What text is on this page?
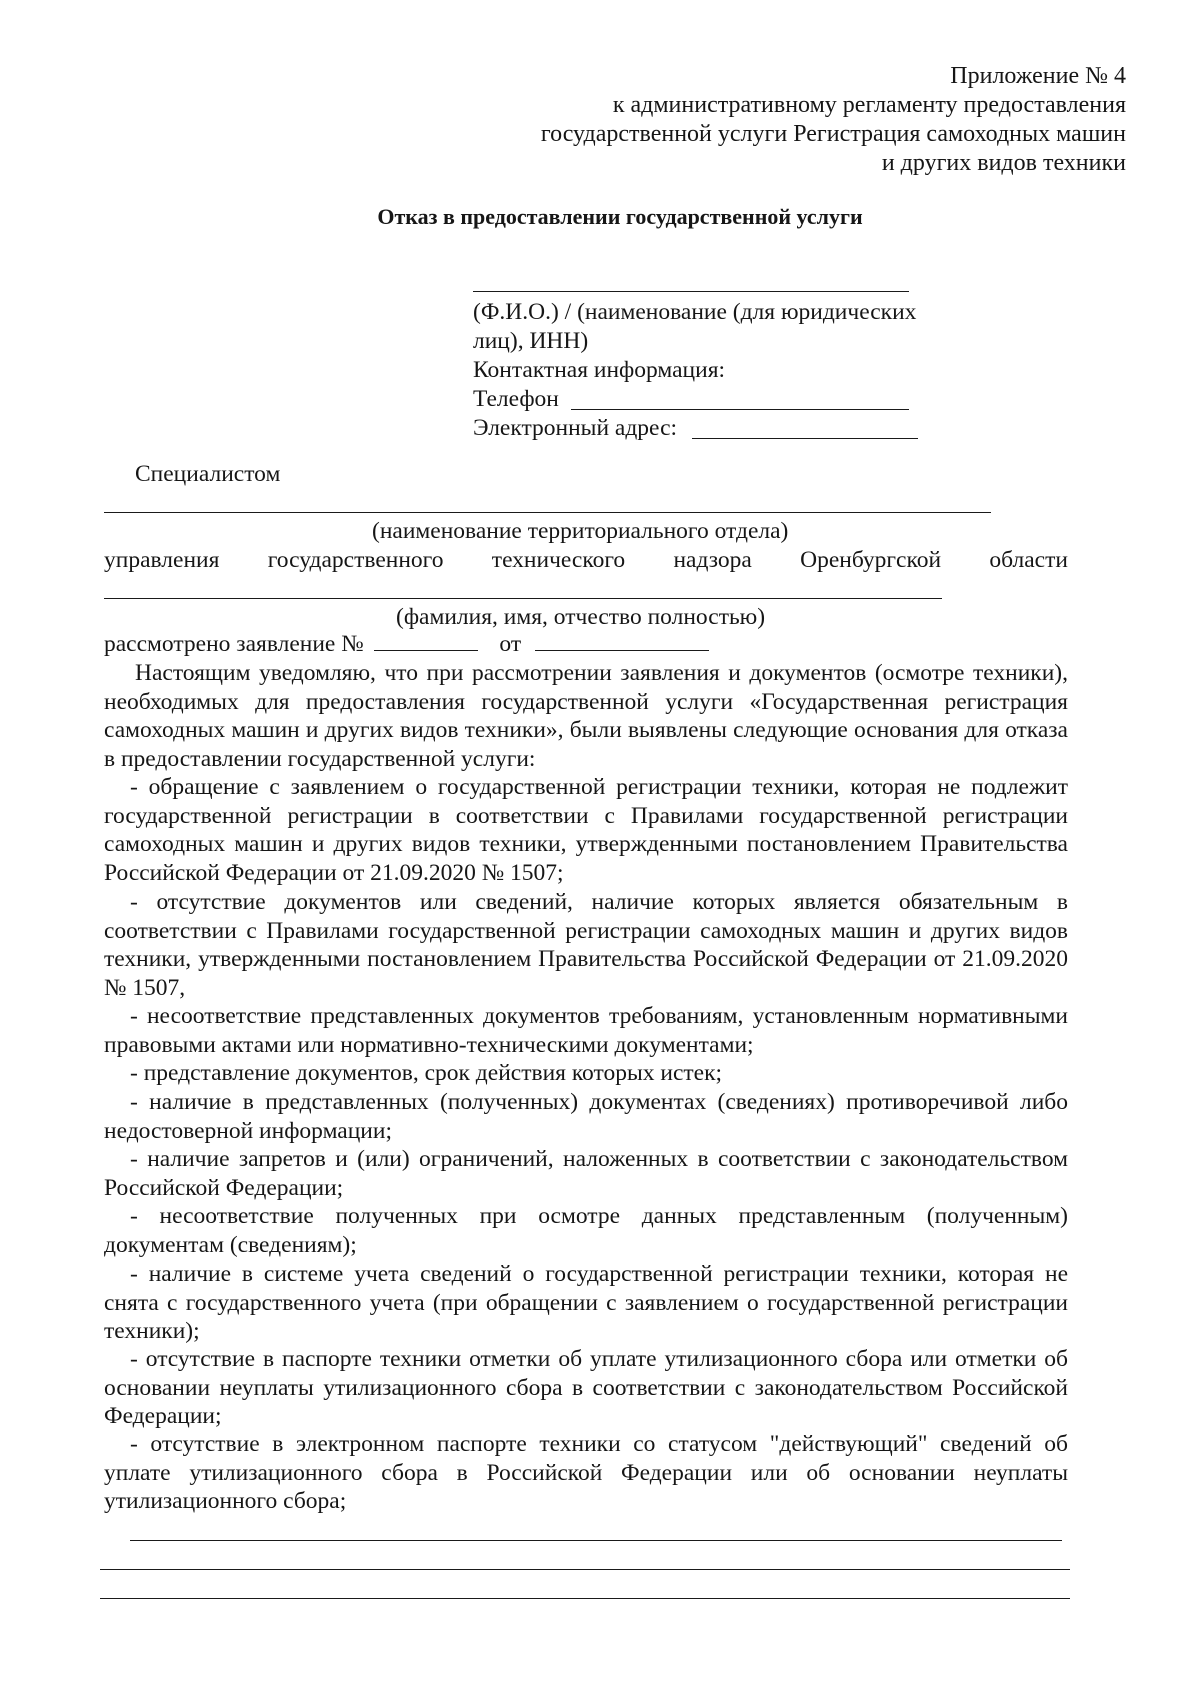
Приложение № 4
к административному регламенту предоставления
государственной услуги Регистрация самоходных машин
и других видов техники
Отказ в предоставлении государственной услуги
(Ф.И.О.) / (наименование (для юридических
лиц), ИНН)
Контактная информация:
Телефон
Электронный адрес:
Специалистом
(наименование территориального отдела)
управления государственного технического надзора Оренбургской области
(фамилия, имя, отчество полностью)
рассмотрено заявление №	от
Настоящим уведомляю, что при рассмотрении заявления и документов (осмотре техники), необходимых для предоставления государственной услуги «Государственная регистрация самоходных машин и других видов техники», были выявлены следующие основания для отказа в предоставлении государственной услуги:
- обращение с заявлением о государственной регистрации техники, которая не подлежит государственной регистрации в соответствии с Правилами государственной регистрации самоходных машин и других видов техники, утвержденными постановлением Правительства Российской Федерации от 21.09.2020 № 1507;
- отсутствие документов или сведений, наличие которых является обязательным в соответствии с Правилами государственной регистрации самоходных машин и других видов техники, утвержденными постановлением Правительства Российской Федерации от 21.09.2020 № 1507,
- несоответствие представленных документов требованиям, установленным нормативными правовыми актами или нормативно-техническими документами;
- представление документов, срок действия которых истек;
- наличие в представленных (полученных) документах (сведениях) противоречивой либо недостоверной информации;
- наличие запретов и (или) ограничений, наложенных в соответствии с законодательством Российской Федерации;
- несоответствие полученных при осмотре данных представленным (полученным) документам (сведениям);
- наличие в системе учета сведений о государственной регистрации техники, которая не снята с государственного учета (при обращении с заявлением о государственной регистрации техники);
- отсутствие в паспорте техники отметки об уплате утилизационного сбора или отметки об основании неуплаты утилизационного сбора в соответствии с законодательством Российской Федерации;
- отсутствие в электронном паспорте техники со статусом "действующий" сведений об уплате утилизационного сбора в Российской Федерации или об основании неуплаты утилизационного сбора;
